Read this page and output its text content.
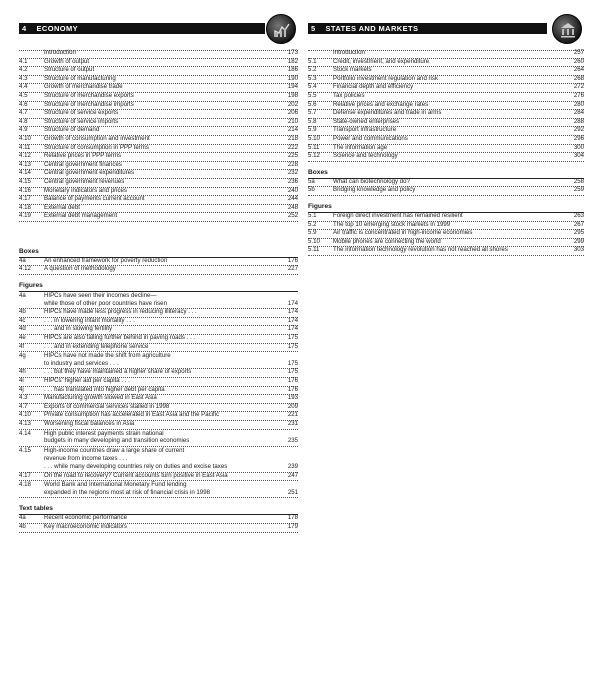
4 ECONOMY
Introduction	173
4.1	Growth of output	182
4.2	Structure of output	186
4.3	Structure of manufacturing	190
4.4	Growth of merchandise trade	194
4.5	Structure of merchandise exports	198
4.6	Structure of merchandise imports	202
4.7	Structure of service exports	206
4.8	Structure of service imports	210
4.9	Structure of demand	214
4.10	Growth of consumption and investment	218
4.11	Structure of consumption in PPP terms	222
4.12	Relative prices in PPP terms	225
4.13	Central government finances	228
4.14	Central government expenditures	232
4.15	Central government revenues	236
4.16	Monetary indicators and prices	240
4.17	Balance of payments current account	244
4.18	External debt	248
4.19	External debt management	252
Boxes
4a	An enhanced framework for poverty reduction	176
4.12	A question of methodology	227
Figures
4a	HIPCs have seen their incomes decline—
while those of other poor countries have risen	174
4b	HIPCs have made less progress in reducing illiteracy . . .	174
4c	. . . in lowering infant mortality . . .	174
4d	. . . and in slowing fertility	174
4e	HIPCs are also falling further behind in paving roads . . .	175
4f	. . . and in extending telephone service	175
4g	HIPCs have not made the shift from agriculture
to industry and services . . .	175
4h	. . . but they have maintained a higher share of exports	175
4i	HIPCs' higher aid per capita . . .	176
4j	. . . has translated into higher debt per capita	176
4.3	Manufacturing growth slowed in East Asia	193
4.7	Exports of commercial services stalled in 1998	209
4.10	Private consumption has accelerated in East Asia and the Pacific	221
4.13	Worsening fiscal balances in Asia	231
4.14	High public interest payments strain national
budgets in many developing and transition economies	235
4.15	High-income countries draw a large share of current
revenue from income taxes . . .
. . . while many developing countries rely on duties and excise taxes	239
4.17	On the road to recovery? Current accounts turn positive in East Asia	247
4.18	World Bank and International Monetary Fund lending
expanded in the regions most at risk of financial crisis in 1998	251
Text tables
4a	Recent economic performance	178
4b	Key macroeconomic indicators	179
5 STATES AND MARKETS
Introduction	257
5.1	Credit, investment, and expenditure	260
5.2	Stock markets	264
5.3	Portfolio investment regulation and risk	268
5.4	Financial depth and efficiency	272
5.5	Tax policies	276
5.6	Relative prices and exchange rates	280
5.7	Defense expenditures and trade in arms	284
5.8	State-owned enterprises	288
5.9	Transport infrastructure	292
5.10	Power and communications	296
5.11	The information age	300
5.12	Science and technology	304
Boxes
5a	What can biotechnology do?	258
5b	Bridging knowledge and policy	259
Figures
5.1	Foreign direct investment has remained resilient	263
5.2	The top 10 emerging stock markets in 1999	267
5.9	Air traffic is concentrated in high-income economies	295
5.10	Mobile phones are connecting the world	299
5.11	The information technology revolution has not reached all shores	303
